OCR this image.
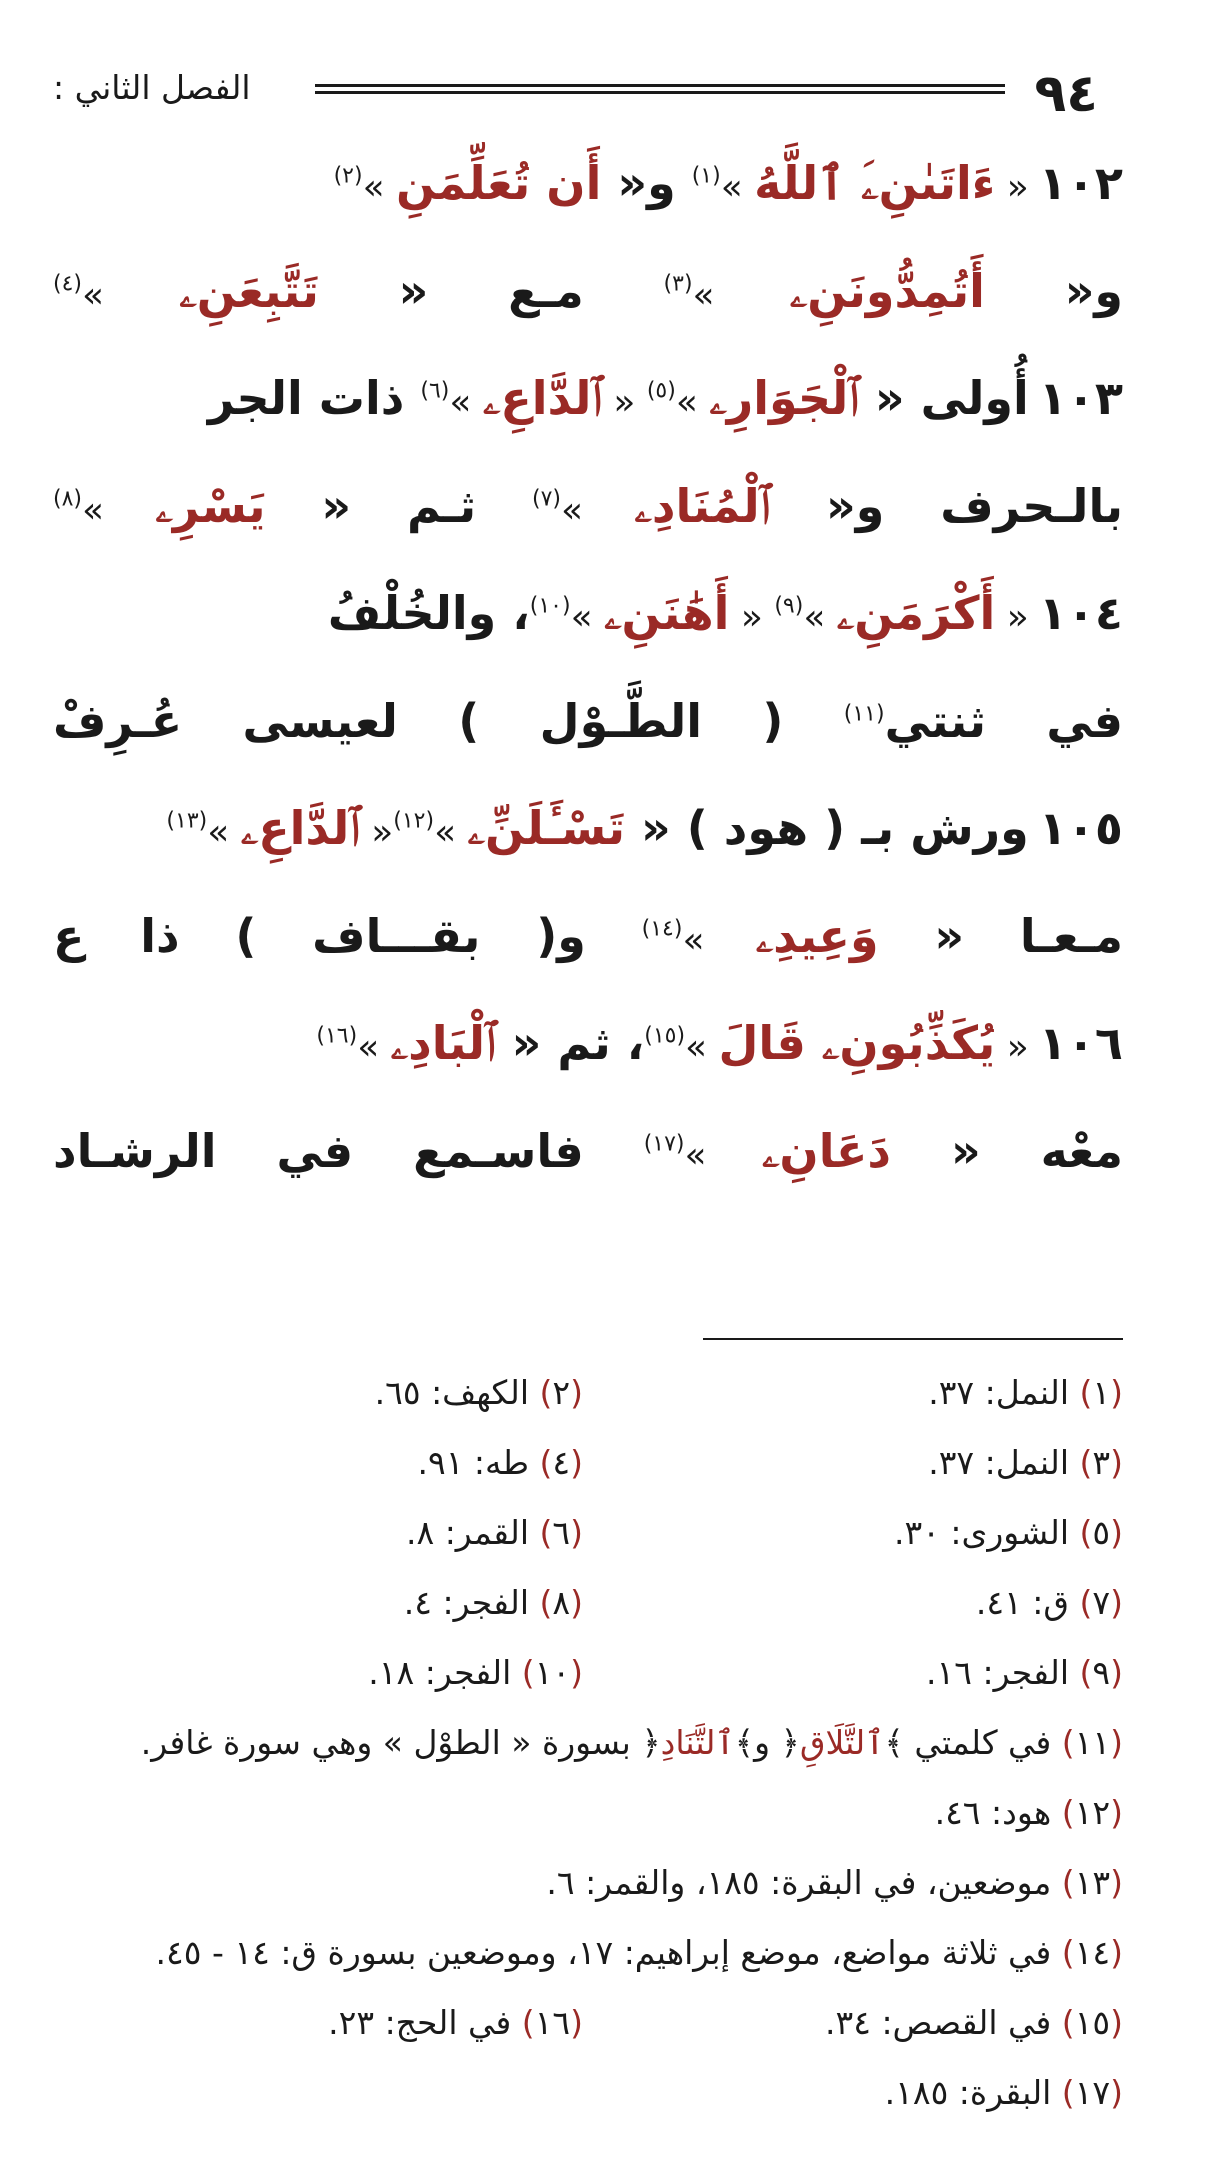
٩٤
الفصل الثاني :
١٠٢« ءَاتَىٰنِۦَ ٱللَّهُ »$^{(١)}$ و« أَن تُعَلِّمَنِ »$^{(٢)}$
و« أَتُمِدُّونَنِۦ »$^{(٣)}$ مـع « تَتَّبِعَنِۦ »$^{(٤)}$
١٠٣أُولى « ٱلْجَوَارِۦ »$^{(٥)}$ « ٱلدَّاعِۦ »$^{(٦)}$ ذات الجر
بالـحرف و« ٱلْمُنَادِۦ »$^{(٧)}$ ثـم « يَسْرِۦ »$^{(٨)}$
١٠٤« أَكْرَمَنِۦ »$^{(٩)}$ « أَهَٰنَنِۦ »$^{(١٠)}$، والخُلْفُ
في ثنتي$^{(١١)}$ ( الطَّـوْل ) لعيسى عُـرِفْ
١٠٥ورش بـ ( هود ) « تَسْـَٔلَنِّۦ »$^{(١٢)}$« ٱلدَّاعِۦ »$^{(١٣)}$
مـعـا « وَعِيدِۦ »$^{(١٤)}$ و( بقـــاف ) ذا ع
١٠٦« يُكَذِّبُونِۦ قَالَ »$^{(١٥)}$، ثم « ٱلْبَادِۦ »$^{(١٦)}$
معْه « دَعَانِۦ »$^{(١٧)}$ فاسـمع في الرشـاد
(١) النمل: ٣٧.
(٢) الكهف: ٦٥.
(٣) النمل: ٣٧.
(٤) طه: ٩١.
(٥) الشورى: ٣٠.
(٦) القمر: ٨.
(٧) ق: ٤١.
(٨) الفجر: ٤.
(٩) الفجر: ١٦.
(١٠) الفجر: ١٨.
(١١) في كلمتي ﴾ٱلتَّلَاقِ﴿ و﴾ٱلتَّنَادِ﴿ بسورة « الطوْل » وهي سورة غافر.
(١٢) هود: ٤٦.
(١٣) موضعين، في البقرة: ١٨٥، والقمر: ٦.
(١٤) في ثلاثة مواضع، موضع إبراهيم: ١٧، وموضعين بسورة ق: ١٤ - ٤٥.
(١٥) في القصص: ٣٤.
(١٦) في الحج: ٢٣.
(١٧) البقرة: ١٨٥.
